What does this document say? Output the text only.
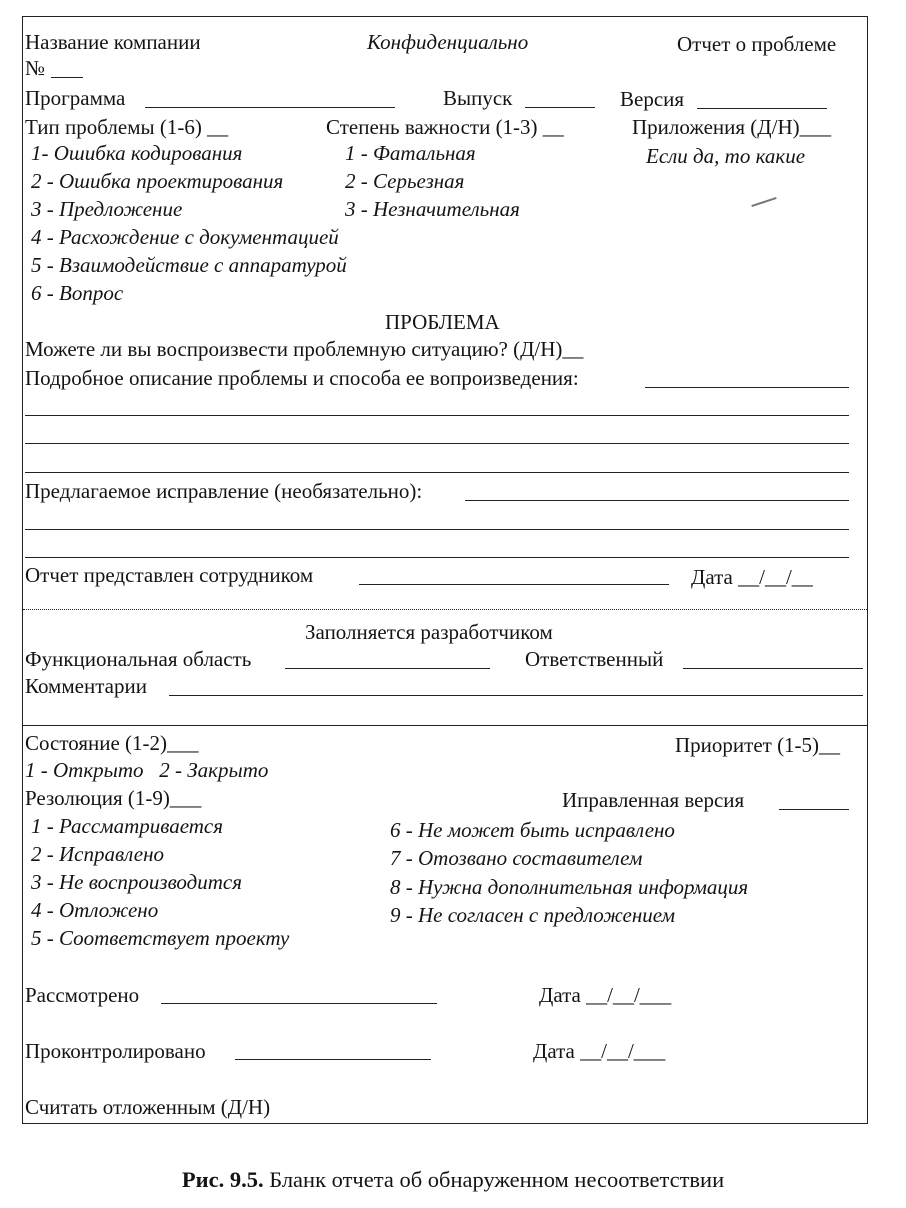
Название компании	Конфиденциально	Отчет о проблеме
№
Программа	Выпуск	Версия
Тип проблемы (1-6) __	Степень важности (1-3) __	Приложения (Д/Н)___
Если да, то какие
1- Ошибка кодирования
2 - Ошибка проектирования
3 - Предложение
4 - Расхождение с документацией
5 - Взаимодействие с аппаратурой
6 - Вопрос
1 - Фатальная
2 - Серьезная
3 - Незначительная
ПРОБЛЕМА
Можете ли вы воспроизвести проблемную ситуацию? (Д/Н)__
Подробное описание проблемы и способа ее вопроизведения:
Предлагаемое исправление (необязательно):
Отчет представлен сотрудником	Дата __/__/__
Заполняется разработчиком
Функциональная область	Ответственный
Комментарии
Состояние (1-2)___	Приоритет (1-5)__
1 - Открыто   2 - Закрыто
Резолюция (1-9)___	Иправленная версия
1 - Рассматривается
2 - Исправлено
3 - Не воспроизводится
4 - Отложено
5 - Соответствует проекту
6 - Не может быть исправлено
7 - Отозвано составителем
8 - Нужна дополнительная информация
9 - Не согласен с предложением
Рассмотрено	Дата __/__/___
Проконтролировано	Дата __/__/___
Считать отложенным (Д/Н)
Рис. 9.5. Бланк отчета об обнаруженном несоответствии
